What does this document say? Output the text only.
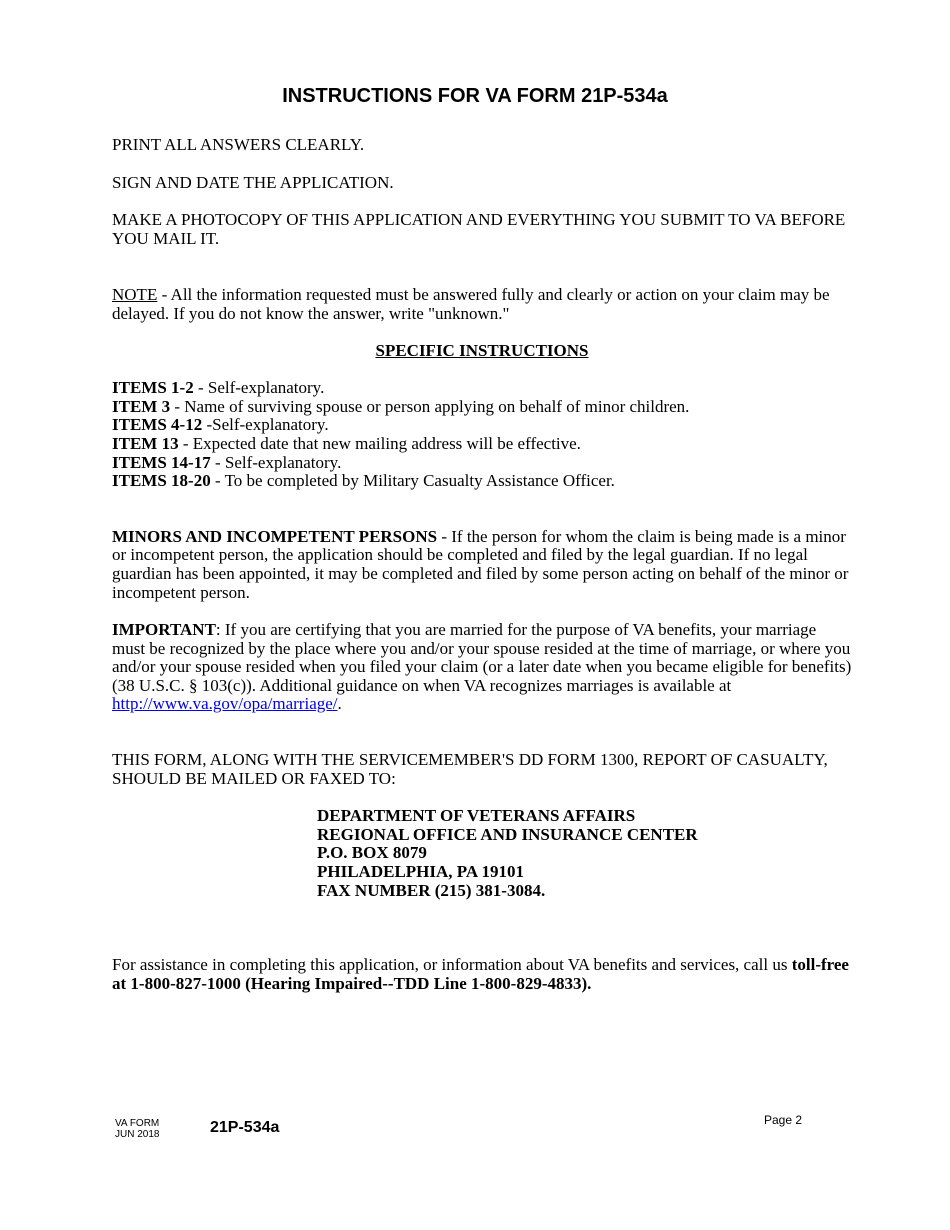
INSTRUCTIONS FOR VA FORM 21P-534a

PRINT ALL ANSWERS CLEARLY.

SIGN AND DATE THE APPLICATION.

MAKE A PHOTOCOPY OF THIS APPLICATION AND EVERYTHING YOU SUBMIT TO VA BEFORE YOU MAIL IT.

NOTE - All the information requested must be answered fully and clearly or action on your claim may be delayed. If you do not know the answer, write "unknown."

SPECIFIC INSTRUCTIONS

ITEMS 1-2 - Self-explanatory.
ITEM 3 - Name of surviving spouse or person applying on behalf of minor children.
ITEMS 4-12 -Self-explanatory.
ITEM 13 - Expected date that new mailing address will be effective.
ITEMS 14-17 - Self-explanatory.
ITEMS 18-20 - To be completed by Military Casualty Assistance Officer.

MINORS AND INCOMPETENT PERSONS - If the person for whom the claim is being made is a minor or incompetent person, the application should be completed and filed by the legal guardian. If no legal guardian has been appointed, it may be completed and filed by some person acting on behalf of the minor or incompetent person.

IMPORTANT: If you are certifying that you are married for the purpose of VA benefits, your marriage must be recognized by the place where you and/or your spouse resided at the time of marriage, or where you and/or your spouse resided when you filed your claim (or a later date when you became eligible for benefits) (38 U.S.C. § 103(c)). Additional guidance on when VA recognizes marriages is available at http://www.va.gov/opa/marriage/.

THIS FORM, ALONG WITH THE SERVICEMEMBER'S DD FORM 1300, REPORT OF CASUALTY, SHOULD BE MAILED OR FAXED TO:

DEPARTMENT OF VETERANS AFFAIRS
REGIONAL OFFICE AND INSURANCE CENTER
P.O. BOX 8079
PHILADELPHIA, PA 19101
FAX NUMBER (215) 381-3084.

For assistance in completing this application, or information about VA benefits and services, call us toll-free at 1-800-827-1000 (Hearing Impaired--TDD Line 1-800-829-4833).

VA FORM
JUN 2018	21P-534a	Page 2
